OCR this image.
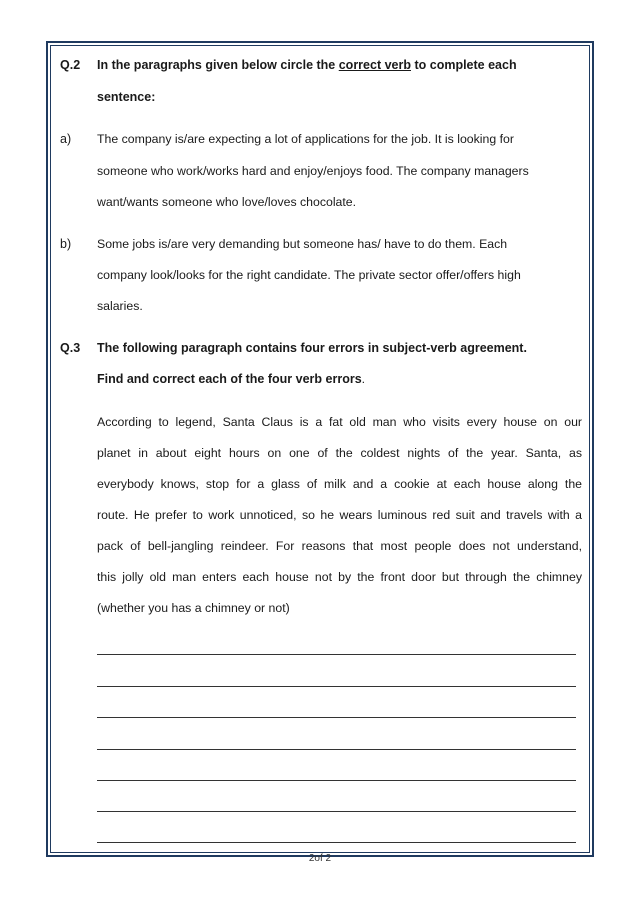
Q.2 In the paragraphs given below circle the correct verb to complete each
sentence:
a) The company is/are expecting a lot of applications for the job. It is looking for
someone who work/works hard and enjoy/enjoys food. The company managers
want/wants someone who love/loves chocolate.
b) Some jobs is/are very demanding but someone has/ have to do them. Each
company look/looks for the right candidate. The private sector offer/offers high
salaries.
Q.3 The following paragraph contains four errors in subject-verb agreement.
Find and correct each of the four verb errors.
According to legend, Santa Claus is a fat old man who visits every house on our
planet in about eight hours on one of the coldest nights of the year. Santa, as
everybody knows, stop for a glass of milk and a cookie at each house along the
route. He prefer to work unnoticed, so he wears luminous red suit and travels with a
pack of bell-jangling reindeer. For reasons that most people does not understand,
this jolly old man enters each house not by the front door but through the chimney
(whether you has a chimney or not)
2of 2
